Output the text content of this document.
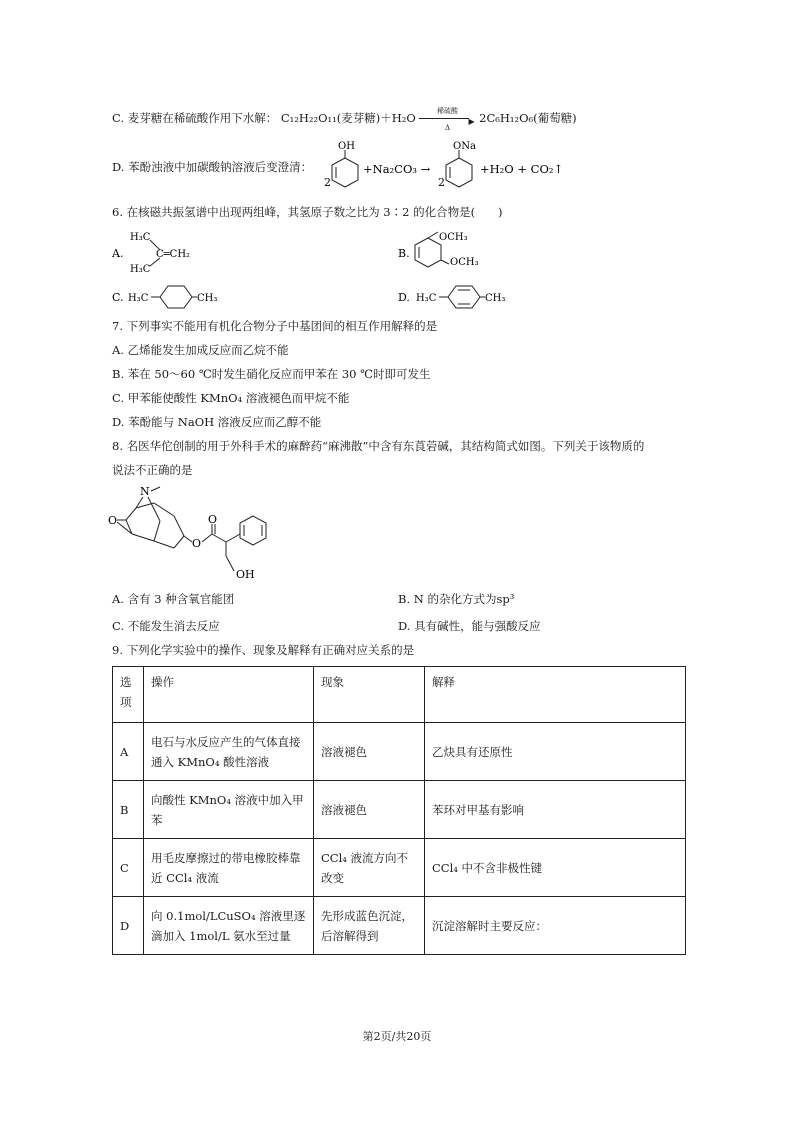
C. 麦芽糖在稀硫酸作用下水解： C₁₂H₂₂O₁₁(麦芽糖)＋H₂O	稀硫酸
▶
Δ
2C₆H₁₂O₆(葡萄糖)
D. 苯酚浊液中加碳酸钠溶液后变澄清：
2
OH
+Na₂CO₃ →
2
ONa
+H₂O + CO₂↑
6. 在核磁共振氢谱中出现两组峰，其氢原子数之比为 3∶2 的化合物是(　　)
A.
H₃C
H₃C
C═CH₂	B.
OCH₃
OCH₃
C. H₃C	CH₃	D. H₃C	CH₃
7. 下列事实不能用有机化合物分子中基团间的相互作用解释的是
A. 乙烯能发生加成反应而乙烷不能
B. 苯在 50～60 ℃时发生硝化反应而甲苯在 30 ℃时即可发生
C. 甲苯能使酸性 KMnO₄ 溶液褪色而甲烷不能
D. 苯酚能与 NaOH 溶液反应而乙醇不能
8. 名医华佗创制的用于外科手术的麻醉药“麻沸散”中含有东莨菪碱，其结构简式如图。下列关于该物质的
说法不正确的是
N
O
O
O
OH
A. 含有 3 种含氧官能团	B. N 的杂化方式为sp³
C. 不能发生消去反应	D. 具有碱性，能与强酸反应
9. 下列化学实验中的操作、现象及解释有正确对应关系的是
选项	操作	现象	解释
A	电石与水反应产生的气体直接通入 KMnO₄ 酸性溶液	溶液褪色	乙炔具有还原性
B	向酸性 KMnO₄ 溶液中加入甲苯	溶液褪色	苯环对甲基有影响
C	用毛皮摩擦过的带电橡胶棒靠近 CCl₄ 液流	CCl₄ 液流方向不改变	CCl₄ 中不含非极性键
D	向 0.1mol/LCuSO₄ 溶液里逐滴加入 1mol/L 氨水至过量	先形成蓝色沉淀，后溶解得到	沉淀溶解时主要反应：
第2页/共20页
